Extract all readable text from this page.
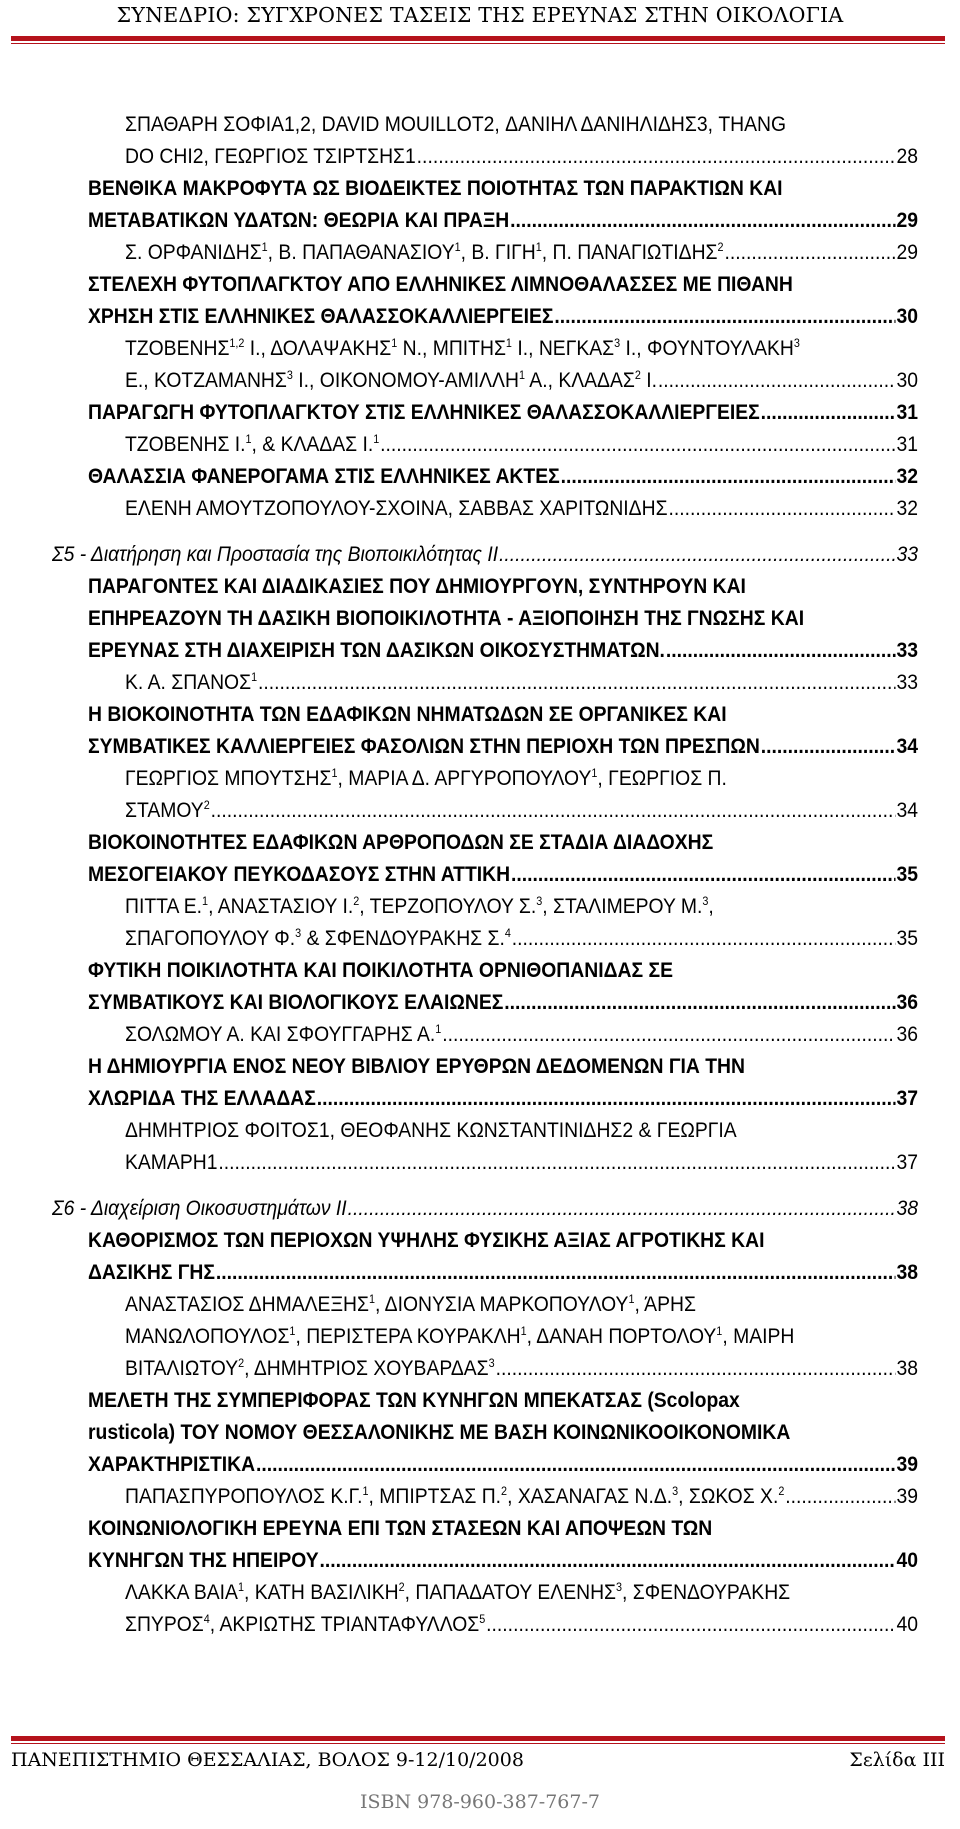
ΣΥΝΕΔΡΙΟ: ΣΥΓΧΡΟΝΕΣ ΤΑΣΕΙΣ ΤΗΣ ΕΡΕΥΝΑΣ ΣΤΗΝ ΟΙΚΟΛΟΓΙΑ
ΣΠΑΘΑΡΗ ΣΟΦΙΑ1,2, DAVID MOUILLOT2, ΔΑΝΙΗΛ ΔΑΝΙΗΛΙΔΗΣ3, THANG
DO CHI2, ΓΕΩΡΓΙΟΣ ΤΣΙΡΤΣΗΣ1 .....	28
ΒΕΝΘΙΚΑ ΜΑΚΡΟΦΥΤΑ ΩΣ ΒΙΟΔΕΙΚΤΕΣ ΠΟΙΟΤΗΤΑΣ ΤΩΝ ΠΑΡΑΚΤΙΩΝ ΚΑΙ
ΜΕΤΑΒΑΤΙΚΩΝ ΥΔΑΤΩΝ: ΘΕΩΡΙΑ ΚΑΙ ΠΡΑΞΗ .....	29
Σ. ΟΡΦΑΝΙΔΗΣ$^1$, Β. ΠΑΠΑΘΑΝΑΣΙΟΥ$^1$, Β. ΓΙΓΗ$^1$, Π. ΠΑΝΑΓΙΩΤΙΔΗΣ$^2$ .....	29
ΣΤΕΛΕΧΗ ΦΥΤΟΠΛΑΓΚΤΟΥ ΑΠΟ ΕΛΛΗΝΙΚΕΣ ΛΙΜΝΟΘΑΛΑΣΣΕΣ ΜΕ ΠΙΘΑΝΗ
ΧΡΗΣΗ ΣΤΙΣ ΕΛΛΗΝΙΚΕΣ ΘΑΛΑΣΣΟΚΑΛΛΙΕΡΓΕΙΕΣ .....	30
ΤΖΟΒΕΝΗΣ$^{1,2}$ Ι., ΔΟΛΑΨΑΚΗΣ$^1$ Ν., ΜΠΙΤΗΣ$^1$ Ι., ΝΕΓΚΑΣ$^3$ Ι., ΦΟΥΝΤΟΥΛΑΚΗ$^3$
Ε., ΚΟΤΖΑΜΑΝΗΣ$^3$ Ι., ΟΙΚΟΝΟΜΟΥ-ΑΜΙΛΛΗ$^1$ Α., ΚΛΑΔΑΣ$^2$ Ι. .....	30
ΠΑΡΑΓΩΓΗ ΦΥΤΟΠΛΑΓΚΤΟΥ ΣΤΙΣ ΕΛΛΗΝΙΚΕΣ ΘΑΛΑΣΣΟΚΑΛΛΙΕΡΓΕΙΕΣ .....	31
ΤΖΟΒΕΝΗΣ Ι.$^1$, & ΚΛΑΔΑΣ Ι.$^1$ .....	31
ΘΑΛΑΣΣΙΑ ΦΑΝΕΡΟΓΑΜΑ ΣΤΙΣ ΕΛΛΗΝΙΚΕΣ ΑΚΤΕΣ .....	32
ΕΛΕΝΗ ΑΜΟΥΤΖΟΠΟΥΛΟΥ-ΣΧΟΙΝΑ, ΣΑΒΒΑΣ ΧΑΡΙΤΩΝΙΔΗΣ .....	32
Σ5 - Διατήρηση και Προστασία της Βιοποικιλότητας ΙΙ .....	33
ΠΑΡΑΓΟΝΤΕΣ ΚΑΙ ΔΙΑΔΙΚΑΣΙΕΣ ΠΟΥ ΔΗΜΙΟΥΡΓΟΥΝ, ΣΥΝΤΗΡΟΥΝ ΚΑΙ
ΕΠΗΡΕΑΖΟΥΝ ΤΗ ΔΑΣΙΚΗ ΒΙΟΠΟΙΚΙΛΟΤΗΤΑ - ΑΞΙΟΠΟΙΗΣΗ ΤΗΣ ΓΝΩΣΗΣ ΚΑΙ
ΕΡΕΥΝΑΣ ΣΤΗ ΔΙΑΧΕΙΡΙΣΗ ΤΩΝ ΔΑΣΙΚΩΝ ΟΙΚΟΣΥΣΤΗΜΑΤΩΝ. .....	33
Κ. Α. ΣΠΑΝΟΣ$^1$ .....	33
Η ΒΙΟΚΟΙΝΟΤΗΤΑ ΤΩΝ ΕΔΑΦΙΚΩΝ ΝΗΜΑΤΩΔΩΝ ΣΕ ΟΡΓΑΝΙΚΕΣ ΚΑΙ
ΣΥΜΒΑΤΙΚΕΣ ΚΑΛΛΙΕΡΓΕΙΕΣ ΦΑΣΟΛΙΩΝ ΣΤΗΝ ΠΕΡΙΟΧΗ ΤΩΝ ΠΡΕΣΠΩΝ .....	34
ΓΕΩΡΓΙΟΣ ΜΠΟΥΤΣΗΣ$^1$, ΜΑΡΙΑ Δ. ΑΡΓΥΡΟΠΟΥΛΟΥ$^1$, ΓΕΩΡΓΙΟΣ Π.
ΣΤΑΜΟΥ$^2$ .....	34
ΒΙΟΚΟΙΝΟΤΗΤΕΣ ΕΔΑΦΙΚΩΝ ΑΡΘΡΟΠΟΔΩΝ ΣΕ ΣΤΑΔΙΑ ΔΙΑΔΟΧΗΣ
ΜΕΣΟΓΕΙΑΚΟΥ ΠΕΥΚΟΔΑΣΟΥΣ ΣΤΗΝ ΑΤΤΙΚΗ .....	35
ΠΙΤΤΑ Ε.$^1$, ΑΝΑΣΤΑΣΙΟΥ Ι.$^2$, ΤΕΡΖΟΠΟΥΛΟΥ Σ.$^3$, ΣΤΑΛΙΜΕΡΟΥ Μ.$^3$,
ΣΠΑΓΟΠΟΥΛΟΥ Φ.$^3$ & ΣΦΕΝΔΟΥΡΑΚΗΣ Σ.$^4$ .....	35
ΦΥΤΙΚΗ ΠΟΙΚΙΛΟΤΗΤΑ ΚΑΙ ΠΟΙΚΙΛΟΤΗΤΑ ΟΡΝΙΘΟΠΑΝΙΔΑΣ ΣΕ
ΣΥΜΒΑΤΙΚΟΥΣ ΚΑΙ ΒΙΟΛΟΓΙΚΟΥΣ ΕΛΑΙΩΝΕΣ .....	36
ΣΟΛΩΜΟΥ Α. ΚΑΙ ΣΦΟΥΓΓΑΡΗΣ Α.$^1$ .....	36
Η ΔΗΜΙΟΥΡΓΙΑ ΕΝΟΣ ΝΕΟΥ ΒΙΒΛΙΟΥ ΕΡΥΘΡΩΝ ΔΕΔΟΜΕΝΩΝ ΓΙΑ ΤΗΝ
ΧΛΩΡΙΔΑ ΤΗΣ ΕΛΛΑΔΑΣ .....	37
ΔΗΜΗΤΡΙΟΣ ΦΟΙΤΟΣ1, ΘΕΟΦΑΝΗΣ ΚΩΝΣΤΑΝΤΙΝΙΔΗΣ2 & ΓΕΩΡΓΙΑ
ΚΑΜΑΡΗ1 .....	37
Σ6 - Διαχείριση Οικοσυστημάτων ΙΙ .....	38
ΚΑΘΟΡΙΣΜΟΣ ΤΩΝ ΠΕΡΙΟΧΩΝ ΥΨΗΛΗΣ ΦΥΣΙΚΗΣ ΑΞΙΑΣ ΑΓΡΟΤΙΚΗΣ ΚΑΙ
ΔΑΣΙΚΗΣ ΓΗΣ .....	38
ΑΝΑΣΤΑΣΙΟΣ ΔΗΜΑΛΕΞΗΣ$^1$, ΔΙΟΝΥΣΙΑ ΜΑΡΚΟΠΟΥΛΟΥ$^1$, ΆΡΗΣ
ΜΑΝΩΛΟΠΟΥΛΟΣ$^1$, ΠΕΡΙΣΤΕΡΑ ΚΟΥΡΑΚΛΗ$^1$, ΔΑΝΑΗ ΠΟΡΤΟΛΟΥ$^1$, ΜΑΙΡΗ
ΒΙΤΑΛΙΩΤΟΥ$^2$, ΔΗΜΗΤΡΙΟΣ ΧΟΥΒΑΡΔΑΣ$^3$ .....	38
ΜΕΛΕΤΗ ΤΗΣ ΣΥΜΠΕΡΙΦΟΡΑΣ ΤΩΝ ΚΥΝΗΓΩΝ ΜΠΕΚΑΤΣΑΣ (Scolopax
rusticola) ΤΟΥ ΝΟΜΟΥ ΘΕΣΣΑΛΟΝΙΚΗΣ ΜΕ ΒΑΣΗ ΚΟΙΝΩΝΙΚΟΟΙΚΟΝΟΜΙΚΑ
ΧΑΡΑΚΤΗΡΙΣΤΙΚΑ .....	39
ΠΑΠΑΣΠΥΡΟΠΟΥΛΟΣ Κ.Γ.$^1$, ΜΠΙΡΤΣΑΣ Π.$^2$, ΧΑΣΑΝΑΓΑΣ Ν.Δ.$^3$, ΣΩΚΟΣ Χ.$^2$ .....	39
ΚΟΙΝΩΝΙΟΛΟΓΙΚΗ ΕΡΕΥΝΑ ΕΠΙ ΤΩΝ ΣΤΑΣΕΩΝ ΚΑΙ ΑΠΟΨΕΩΝ ΤΩΝ
ΚΥΝΗΓΩΝ ΤΗΣ ΗΠΕΙΡΟΥ .....	40
ΛΑΚΚΑ ΒΑΙΑ$^1$, ΚΑΤΗ ΒΑΣΙΛΙΚΗ$^2$, ΠΑΠΑΔΑΤΟΥ ΕΛΕΝΗΣ$^3$, ΣΦΕΝΔΟΥΡΑΚΗΣ
ΣΠΥΡΟΣ$^4$, ΑΚΡΙΩΤΗΣ ΤΡΙΑΝΤΑΦΥΛΛΟΣ$^5$ .....	40
ΠΑΝΕΠΙΣΤΗΜΙΟ ΘΕΣΣΑΛΙΑΣ, ΒΟΛΟΣ 9-12/10/2008	Σελίδα III
ISBN 978-960-387-767-7
